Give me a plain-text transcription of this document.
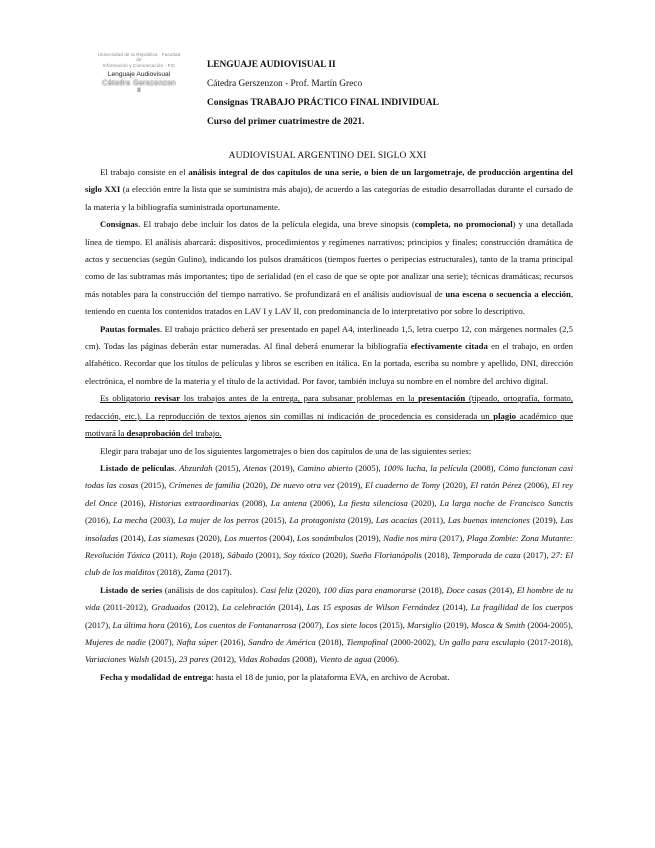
Universidad de la República · Facultad de
Información y Comunicación · FIC
Lenguaje Audiovisual
Cátedra Gerszenzon
II
LENGUAJE AUDIOVISUAL II
Cátedra Gerszenzon - Prof. Martín Greco
Consignas TRABAJO PRÁCTICO FINAL INDIVIDUAL
Curso del primer cuatrimestre de 2021.
AUDIOVISUAL ARGENTINO DEL SIGLO XXI

El trabajo consiste en el análisis integral de dos capítulos de una serie, o bien de un largometraje, de producción argentina del siglo XXI (a elección entre la lista que se suministra más abajo), de acuerdo a las categorías de estudio desarrolladas durante el cursado de la materia y la bibliografía suministrada oportunamente.

Consignas. El trabajo debe incluir los datos de la película elegida, una breve sinopsis (completa, no promocional) y una detallada línea de tiempo. El análisis abarcará: dispositivos, procedimientos y regímenes narrativos; principios y finales; construcción dramática de actos y secuencias (según Gulino), indicando los pulsos dramáticos (tiempos fuertes o peripecias estructurales), tanto de la trama principal como de las subtramas más importantes; tipo de serialidad (en el caso de que se opte por analizar una serie); técnicas dramáticas; recursos más notables para la construcción del tiempo narrativo. Se profundizará en el análisis audiovisual de una escena o secuencia a elección, teniendo en cuenta los contenidos tratados en LAV I y LAV II, con predominancia de lo interpretativo por sobre lo descriptivo.

Pautas formales. El trabajo práctico deberá ser presentado en papel A4, interlineado 1,5, letra cuerpo 12, con márgenes normales (2,5 cm). Todas las páginas deberán estar numeradas. Al final deberá enumerar la bibliografía efectivamente citada en el trabajo, en orden alfabético. Recordar que los títulos de películas y libros se escriben en itálica. En la portada, escriba su nombre y apellido, DNI, dirección electrónica, el nombre de la materia y el título de la actividad. Por favor, también incluya su nombre en el nombre del archivo digital.

Es obligatorio revisar los trabajos antes de la entrega, para subsanar problemas en la presentación (tipeado, ortografía, formato, redacción, etc.). La reproducción de textos ajenos sin comillas ni indicación de procedencia es considerada un plagio académico que motivará la desaprobación del trabajo.

Elegir para trabajar uno de los siguientes largometrajes o bien dos capítulos de una de las siguientes series:

Listado de películas. Abzurdah (2015), Atenas (2019), Camino abierto (2005), 100% lucha, la película (2008), Cómo funcionan casi todas las cosas (2015), Crímenes de familia (2020), De nuevo otra vez (2019), El cuaderno de Tomy (2020), El ratón Pérez (2006), El rey del Once (2016), Historias extraordinarias (2008), La antena (2006), La fiesta silenciosa (2020), La larga noche de Francisco Sanctis (2016), La mecha (2003), La mujer de los perros (2015), La protagonista (2019), Las acacias (2011), Las buenas intenciones (2019), Las insoladas (2014), Las siamesas (2020), Los muertos (2004), Los sonámbulos (2019), Nadie nos mira (2017), Plaga Zombie: Zona Mutante: Revolución Tóxica (2011), Rojo (2018), Sábado (2001), Soy tóxico (2020), Sueño Florianópolis (2018), Temporada de caza (2017), 27: El club de los malditos (2018), Zama (2017).

Listado de series (análisis de dos capítulos). Casi feliz (2020), 100 días para enamorarse (2018), Doce casas (2014), El hombre de tu vida (2011-2012), Graduados (2012), La celebración (2014), Las 15 esposas de Wilson Fernández (2014), La fragilidad de los cuerpos (2017), La última hora (2016), Los cuentos de Fontanarrosa (2007), Los siete locos (2015), Marsiglio (2019), Mosca & Smith (2004-2005), Mujeres de nadie (2007), Nafta súper (2016), Sandro de América (2018), Tiempofinal (2000-2002), Un gallo para esculapio (2017-2018), Variaciones Walsh (2015), 23 pares (2012), Vidas Robadas (2008), Viento de agua (2006).

Fecha y modalidad de entrega: hasta el 18 de junio, por la plataforma EVA, en archivo de Acrobat.
